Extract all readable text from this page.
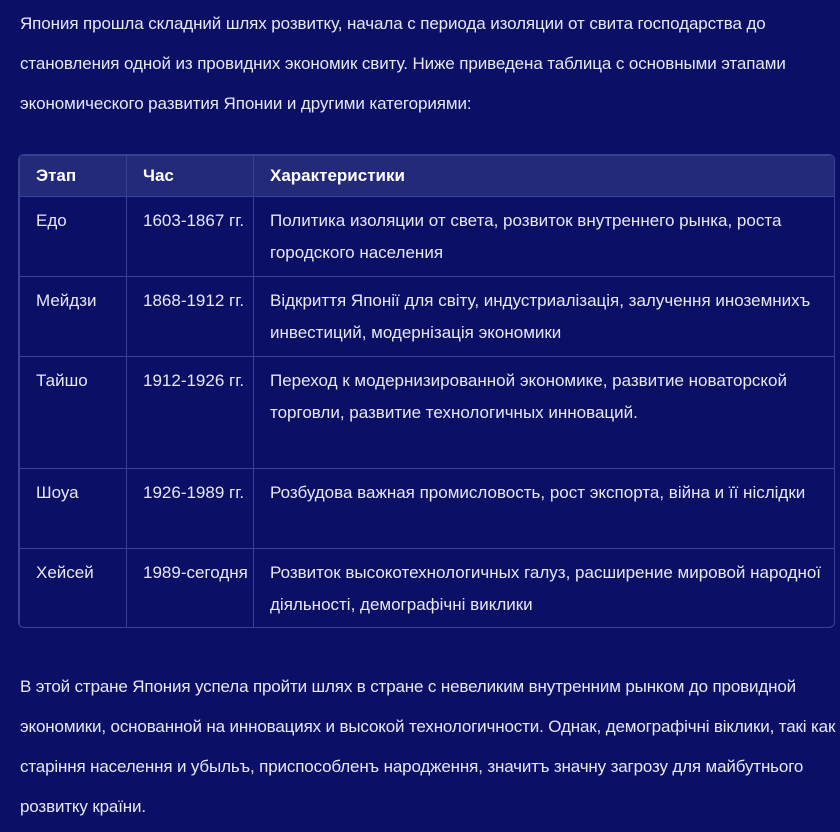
Япония прошла складний шлях розвитку, начала с периода изоляции от свита господарства до становления одной из провидних экономик свиту. Ниже приведена таблица с основными этапами экономического развития Японии и другими категориями:

Этап	Час	Характеристики
Едо	1603-1867 гг.	Политика изоляции от света, розвиток внутреннего рынка, роста городского населения
Мейдзи	1868-1912 гг.	Відкриття Японії для світу, индустриалізація, залучення иноземнихъ инвестиций, модернізація экономики
Тайшо	1912-1926 гг.	Переход к модернизированной экономике, развитие новаторской торговли, развитие технологичных инноваций.
Шоуа	1926-1989 гг.	Розбудова важная промисловость, рост экспорта, війна и її нiслідки
Хейсей	1989-сегодня	Розвиток высокотехнологичных галуз, расширение мировой народної діяльності, демографічні виклики

В этой стране Япония успела пройти шлях в стране с невеликим внутренним рынком до провидной экономики, основанной на инновациях и высокой технологичности. Однак, демографічні віклики, такі как старіння населення и убыльъ, приспособленъ народження, значитъ значну загрозу для майбутнього розвитку країни.
